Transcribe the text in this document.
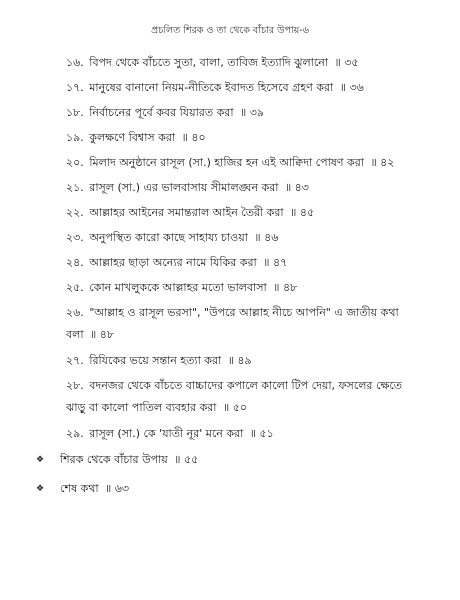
প্রচলিত শিরক ও তা থেকে বাঁচার উপায়-৬
১৬. বিপদ থেকে বাঁচতে সুতা, বালা, তাবিজ ইত্যাদি ঝুলানো ॥ ৩৫
১৭. মানুষের বানানো নিয়ম-নীতিকে ইবাদত হিসেবে গ্রহণ করা ॥ ৩৬
১৮. নির্বাচনের পূর্বে কবর যিয়ারত করা ॥ ৩৯
১৯. কুলক্ষণে বিশ্বাস করা ॥ ৪০
২০. মিলাদ অনুষ্ঠানে রাসূল (সা.) হাজির হন এই আক্বিদা পোষণ করা ॥ ৪২
২১. রাসূল (সা.) এর ভালবাসায় সীমালঙ্ঘন করা ॥ ৪৩
২২. আল্লাহর আইনের সমান্তরাল আইন তৈরী করা ॥ ৪৫
২৩. অনুপস্থিত কারো কাছে সাহায্য চাওয়া ॥ ৪৬
২৪. আল্লাহর ছাড়া অন্যের নামে যিকির করা ॥ ৪৭
২৫. কোন মাখলুককে আল্লাহর মতো ভালবাসা ॥ ৪৮
২৬. "আল্লাহ ও রাসূল ভরসা", "উপরে আল্লাহ নীচে আপনি" এ জাতীয় কথা বলা ॥ ৪৮
২৭. রিযিকের ভয়ে সন্তান হত্যা করা ॥ ৪৯
২৮. বদনজর থেকে বাঁচতে বাচ্চাদের কপালে কালো টিপ দেয়া, ফসলের ক্ষেতে ঝাড়ু বা কালো পাতিল ব্যবহার করা ॥ ৫০
২৯. রাসূল (সা.) কে 'যাতী নূর' মনে করা ॥ ৫১
❖ শিরক থেকে বাঁচার উপায় ॥ ৫৫
❖ শেষ কথা ॥ ৬৩
